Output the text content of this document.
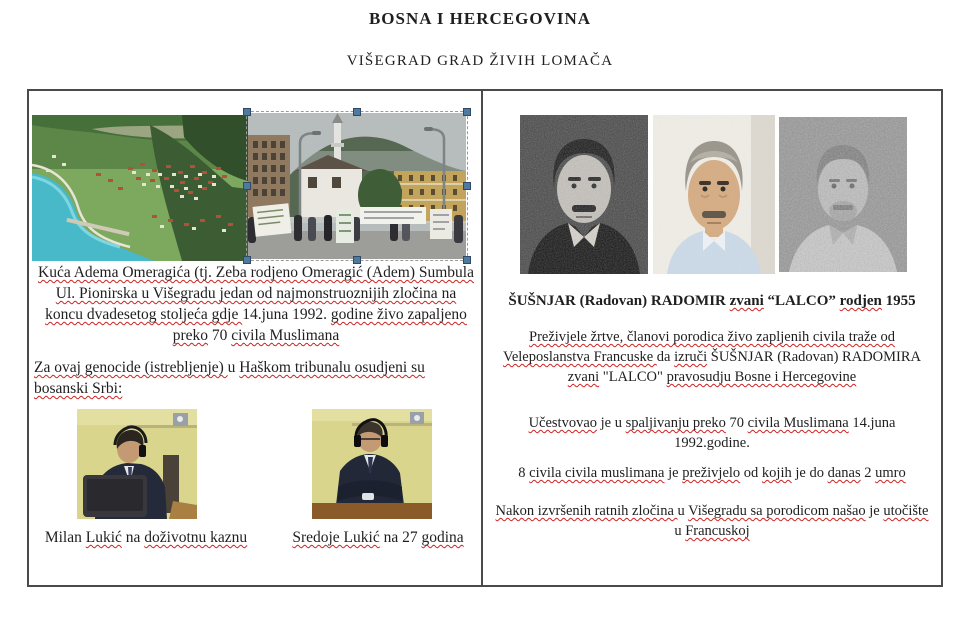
BOSNA I HERCEGOVINA
VIŠEGRAD GRAD ŽIVIH LOMAČA

Kuća Adema Omeragića (tj. Zeba rodjeno Omeragić (Adem) Sumbula Ul. Pionirska u Višegradu jedan od najmonstruoznijih zločina na koncu dvadesetog stoljeća gdje 14.juna 1992. godine živo zapaljeno preko 70 civila Muslimana

Za ovaj genocide (istrebljenje) u Haškom tribunalu osudjeni su bosanski Srbi:

Milan Lukić na doživotnu kaznu	Sredoje Lukić na 27 godina

ŠUŠNJAR (Radovan) RADOMIR zvani “LALCO” rodjen 1955

Preživjele žrtve, članovi porodica živo zapljenih civila traže od Veleposlanstva Francuske da izruči ŠUŠNJAR (Radovan) RADOMIRA zvani "LALCO" pravosudju Bosne i Hercegovine

Učestvovao je u spaljivanju preko 70 civila Muslimana 14.juna 1992.godine.

8 civila civila muslimana je preživjelo od kojih je do danas 2 umro

Nakon izvršenih ratnih zločina u Višegradu sa porodicom našao je utočište u Francuskoj
